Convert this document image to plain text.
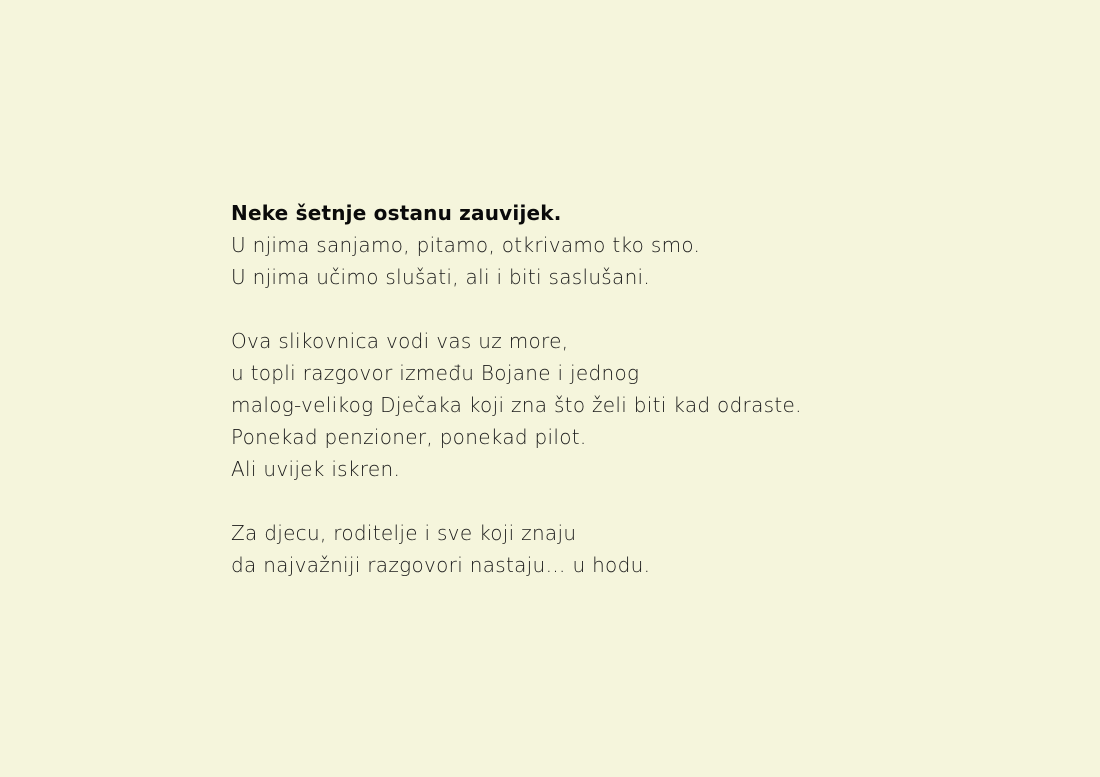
Neke šetnje ostanu zauvijek.
U njima sanjamo, pitamo, otkrivamo tko smo.
U njima učimo slušati, ali i biti saslušani.
Ova slikovnica vodi vas uz more,
u topli razgovor između Bojane i jednog
malog-velikog Dječaka koji zna što želi biti kad odraste.
Ponekad penzioner, ponekad pilot.
Ali uvijek iskren.
Za djecu, roditelje i sve koji znaju
da najvažniji razgovori nastaju… u hodu.
